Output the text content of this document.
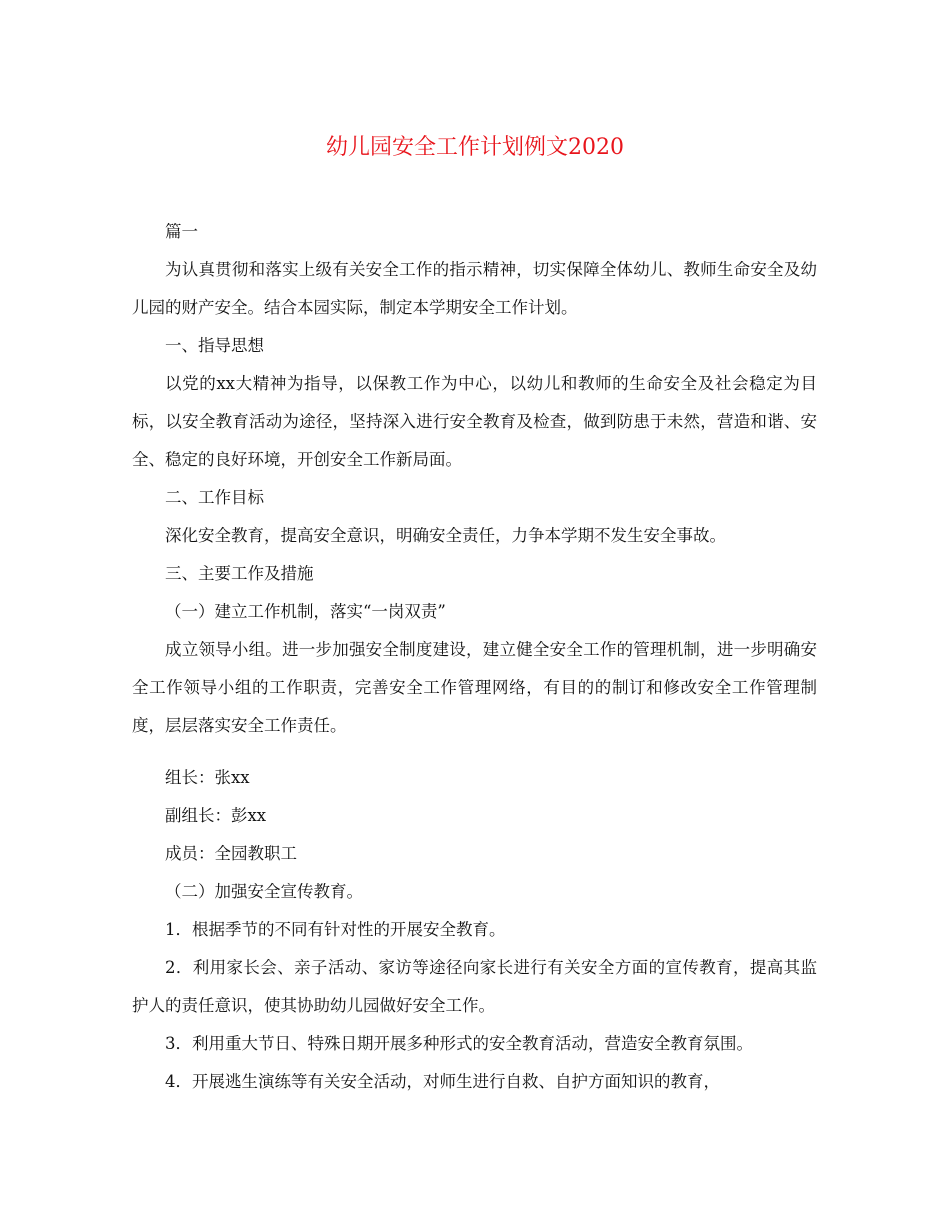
幼儿园安全工作计划例文2020

篇一

为认真贯彻和落实上级有关安全工作的指示精神，切实保障全体幼儿、教师生命安全及幼儿园的财产安全。结合本园实际，制定本学期安全工作计划。

一、指导思想

以党的xx大精神为指导，以保教工作为中心，以幼儿和教师的生命安全及社会稳定为目标，以安全教育活动为途径，坚持深入进行安全教育及检查，做到防患于未然，营造和谐、安全、稳定的良好环境，开创安全工作新局面。

二、工作目标

深化安全教育，提高安全意识，明确安全责任，力争本学期不发生安全事故。

三、主要工作及措施

（一）建立工作机制，落实“一岗双责”

成立领导小组。进一步加强安全制度建设，建立健全安全工作的管理机制，进一步明确安全工作领导小组的工作职责，完善安全工作管理网络，有目的的制订和修改安全工作管理制度，层层落实安全工作责任。

组长：张xx

副组长：彭xx

成员：全园教职工

（二）加强安全宣传教育。

1．根据季节的不同有针对性的开展安全教育。

2．利用家长会、亲子活动、家访等途径向家长进行有关安全方面的宣传教育，提高其监护人的责任意识，使其协助幼儿园做好安全工作。

3．利用重大节日、特殊日期开展多种形式的安全教育活动，营造安全教育氛围。

4．开展逃生演练等有关安全活动，对师生进行自救、自护方面知识的教育，
